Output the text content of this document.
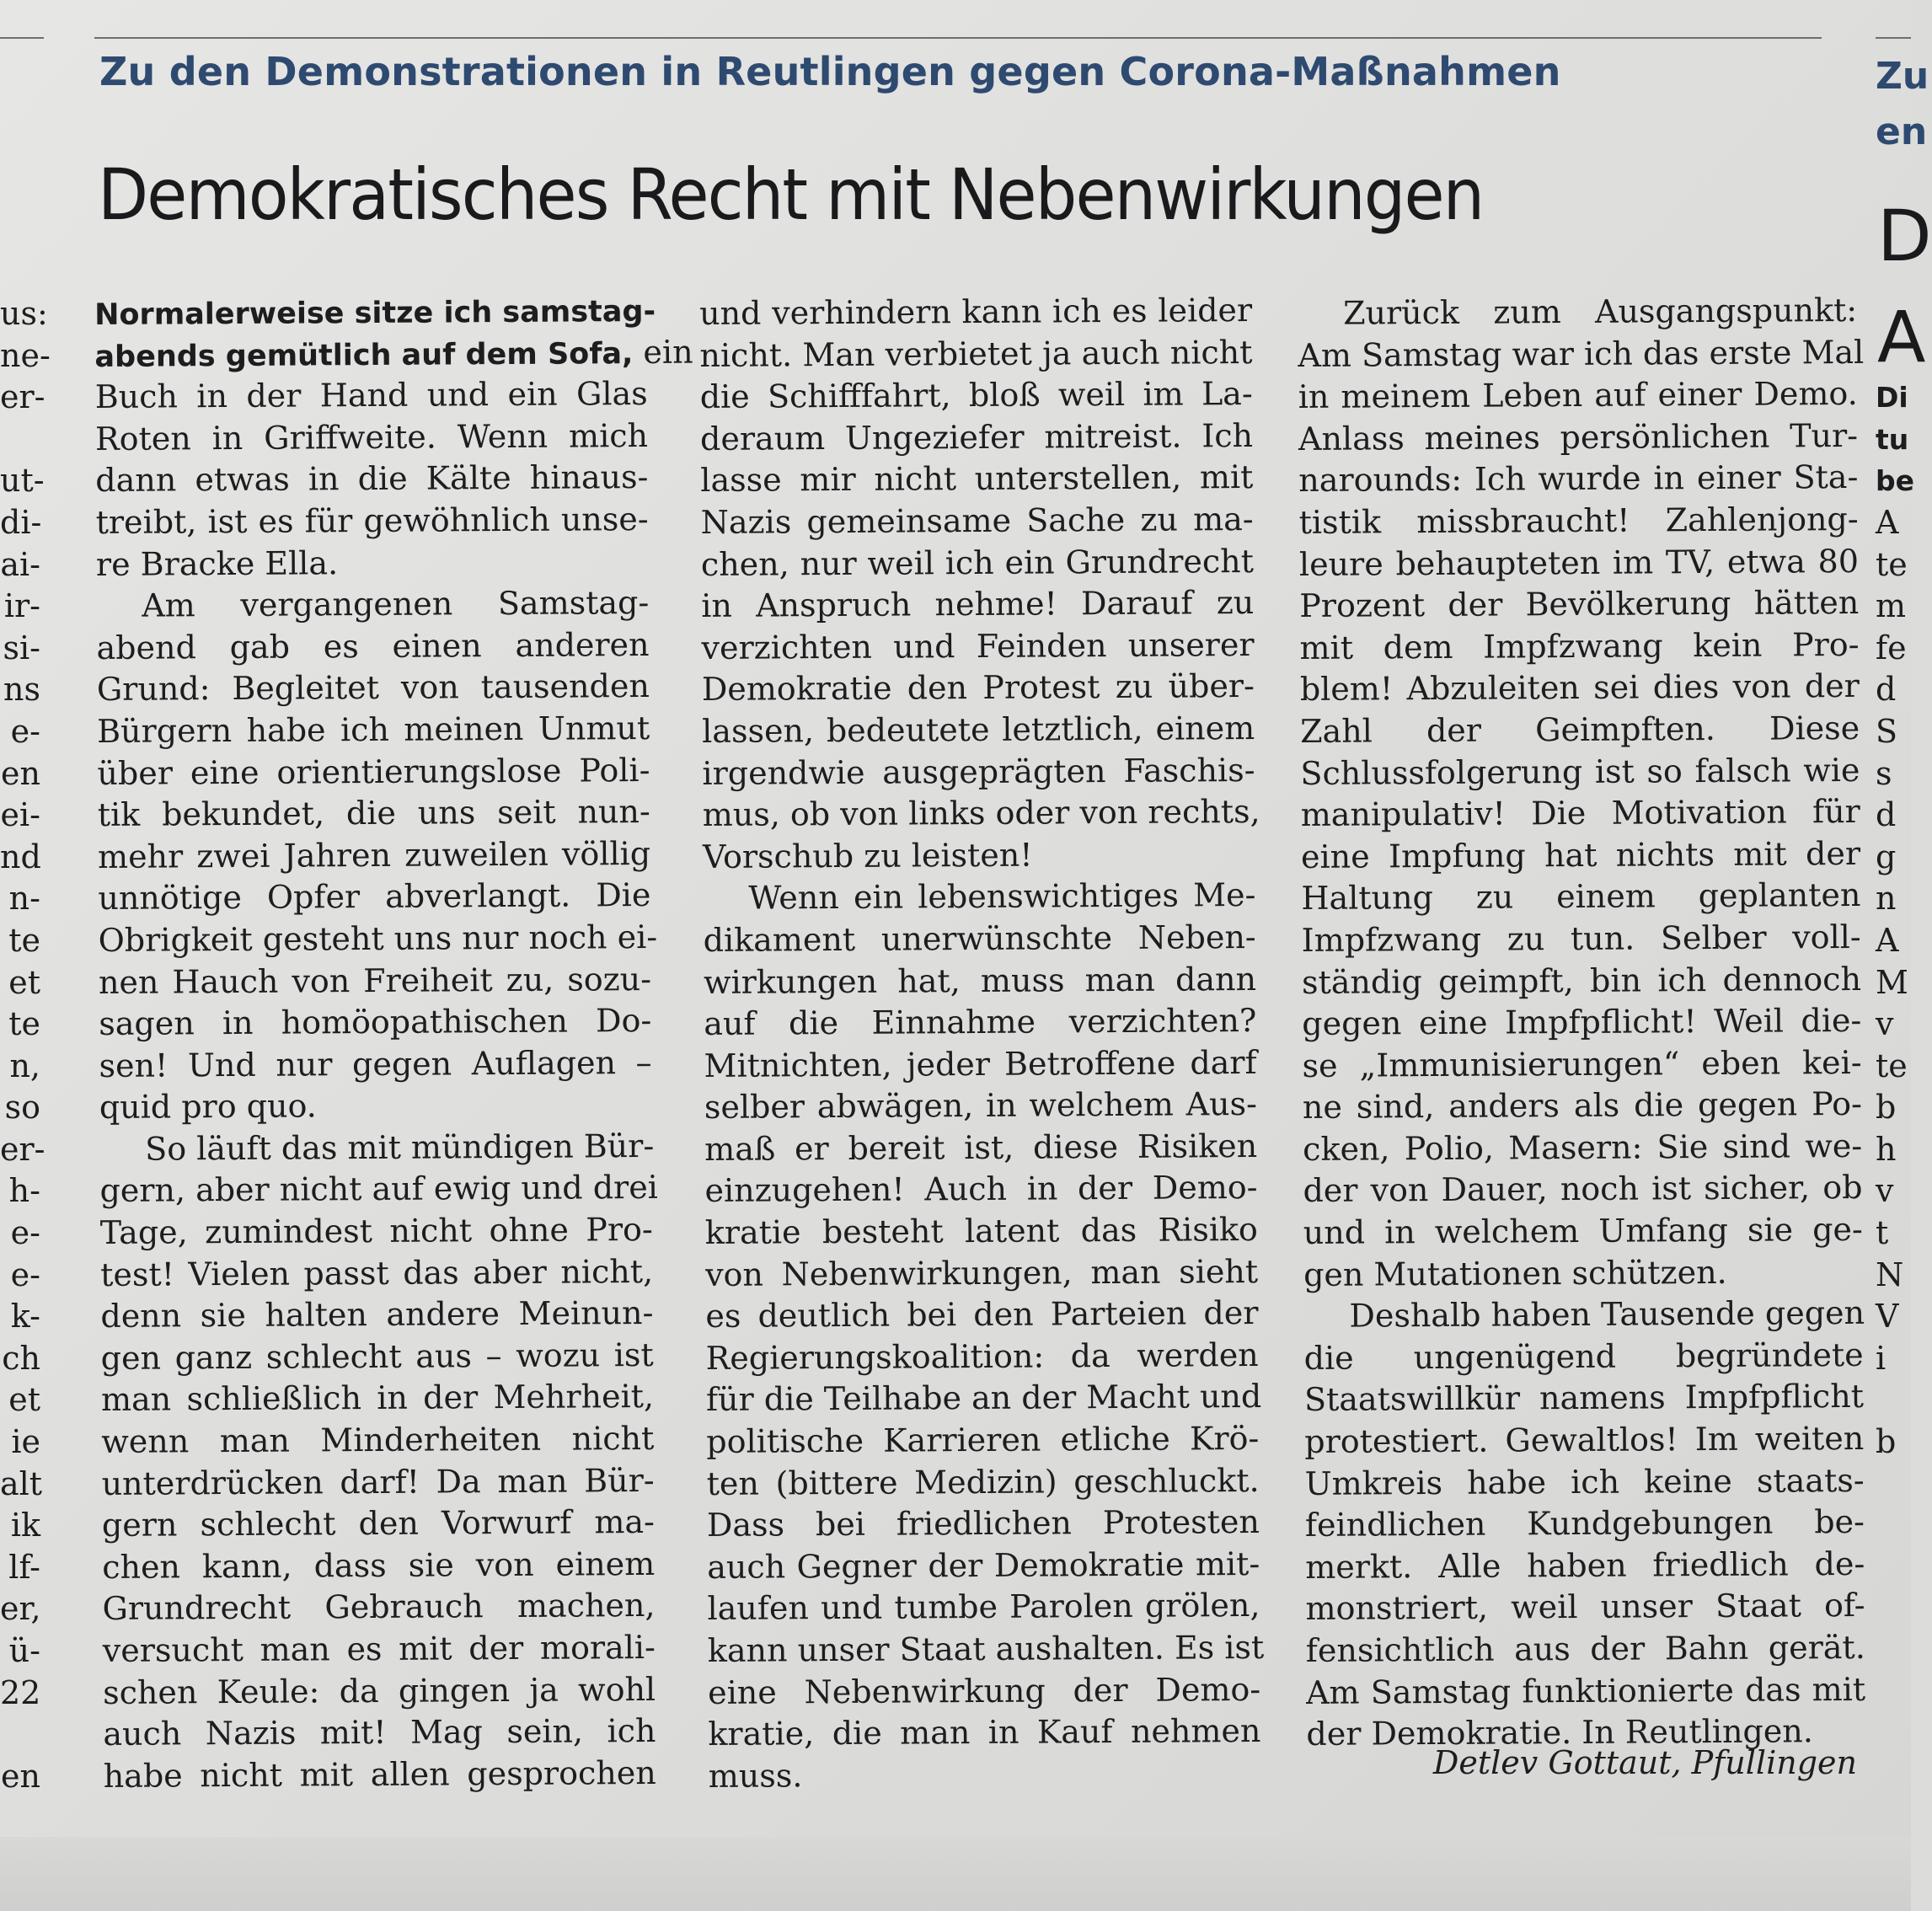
Zu den Demonstrationen in Reutlingen gegen Corona-Maßnahmen
Demokratisches Recht mit Nebenwirkungen
us:
ne-
er-
ut-
di-
ai-
ir-
si-
ns
e-
en
ei-
nd
n-
te
et
te
n,
so
er-
h-
e-
e-
k-
ch
et
ie
alt
ik
lf-
er,
ü-
22
en
Normalerweise sitze ich samstag-
abends gemütlich auf dem Sofa, ein
Buch in der Hand und ein Glas
Roten in Griffweite. Wenn mich
dann etwas in die Kälte hinaus-
treibt, ist es für gewöhnlich unse-
re Bracke Ella.
Am vergangenen Samstag-
abend gab es einen anderen
Grund: Begleitet von tausenden
Bürgern habe ich meinen Unmut
über eine orientierungslose Poli-
tik bekundet, die uns seit nun-
mehr zwei Jahren zuweilen völlig
unnötige Opfer abverlangt. Die
Obrigkeit gesteht uns nur noch ei-
nen Hauch von Freiheit zu, sozu-
sagen in homöopathischen Do-
sen! Und nur gegen Auflagen –
quid pro quo.
So läuft das mit mündigen Bür-
gern, aber nicht auf ewig und drei
Tage, zumindest nicht ohne Pro-
test! Vielen passt das aber nicht,
denn sie halten andere Meinun-
gen ganz schlecht aus – wozu ist
man schließlich in der Mehrheit,
wenn man Minderheiten nicht
unterdrücken darf! Da man Bür-
gern schlecht den Vorwurf ma-
chen kann, dass sie von einem
Grundrecht Gebrauch machen,
versucht man es mit der morali-
schen Keule: da gingen ja wohl
auch Nazis mit! Mag sein, ich
habe nicht mit allen gesprochen
und verhindern kann ich es leider
nicht. Man verbietet ja auch nicht
die Schifffahrt, bloß weil im La-
deraum Ungeziefer mitreist. Ich
lasse mir nicht unterstellen, mit
Nazis gemeinsame Sache zu ma-
chen, nur weil ich ein Grundrecht
in Anspruch nehme! Darauf zu
verzichten und Feinden unserer
Demokratie den Protest zu über-
lassen, bedeutete letztlich, einem
irgendwie ausgeprägten Faschis-
mus, ob von links oder von rechts,
Vorschub zu leisten!
Wenn ein lebenswichtiges Me-
dikament unerwünschte Neben-
wirkungen hat, muss man dann
auf die Einnahme verzichten?
Mitnichten, jeder Betroffene darf
selber abwägen, in welchem Aus-
maß er bereit ist, diese Risiken
einzugehen! Auch in der Demo-
kratie besteht latent das Risiko
von Nebenwirkungen, man sieht
es deutlich bei den Parteien der
Regierungskoalition: da werden
für die Teilhabe an der Macht und
politische Karrieren etliche Krö-
ten (bittere Medizin) geschluckt.
Dass bei friedlichen Protesten
auch Gegner der Demokratie mit-
laufen und tumbe Parolen grölen,
kann unser Staat aushalten. Es ist
eine Nebenwirkung der Demo-
kratie, die man in Kauf nehmen
muss.
Zurück zum Ausgangspunkt:
Am Samstag war ich das erste Mal
in meinem Leben auf einer Demo.
Anlass meines persönlichen Tur-
narounds: Ich wurde in einer Sta-
tistik missbraucht! Zahlenjong-
leure behaupteten im TV, etwa 80
Prozent der Bevölkerung hätten
mit dem Impfzwang kein Pro-
blem! Abzuleiten sei dies von der
Zahl der Geimpften. Diese
Schlussfolgerung ist so falsch wie
manipulativ! Die Motivation für
eine Impfung hat nichts mit der
Haltung zu einem geplanten
Impfzwang zu tun. Selber voll-
ständig geimpft, bin ich dennoch
gegen eine Impfpflicht! Weil die-
se „Immunisierungen“ eben kei-
ne sind, anders als die gegen Po-
cken, Polio, Masern: Sie sind we-
der von Dauer, noch ist sicher, ob
und in welchem Umfang sie ge-
gen Mutationen schützen.
Deshalb haben Tausende gegen
die ungenügend begründete
Staatswillkür namens Impfpflicht
protestiert. Gewaltlos! Im weiten
Umkreis habe ich keine staats-
feindlichen Kundgebungen be-
merkt. Alle haben friedlich de-
monstriert, weil unser Staat of-
fensichtlich aus der Bahn gerät.
Am Samstag funktionierte das mit
der Demokratie. In Reutlingen.
Detlev Gottaut, Pfullingen
Zu
en
D
A
Di
tu
be
A
te
m
fe
d
S
s
d
g
n
A
M
v
te
b
h
v
t
N
V
i
b
